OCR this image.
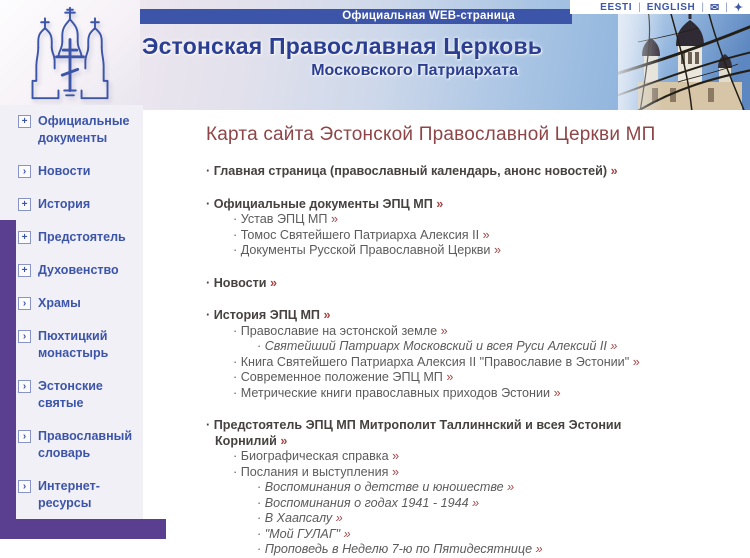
EESTI | ENGLISH | ✉ | ✦
Официальная WEB-страница
Эстонская Православная Церковь
Московского Патриархата
+ Официальные документы
› Новости
+ История
+ Предстоятель
+ Духовенство
› Храмы
› Пюхтицкий монастырь
› Эстонские святые
› Православный словарь
› Интернет-ресурсы
Карта сайта Эстонской Православной Церкви МП
· Главная страница (православный календарь, анонс новостей) »
· Официальные документы ЭПЦ МП »
· Устав ЭПЦ МП »
· Томос Святейшего Патриарха Алексия II »
· Документы Русской Православной Церкви »
· Новости »
· История ЭПЦ МП »
· Православие на эстонской земле »
· Святейший Патриарх Московский и всея Руси Алексий II »
· Книга Святейшего Патриарха Алексия II "Православие в Эстонии" »
· Современное положение ЭПЦ МП »
· Метрические книги православных приходов Эстонии »
· Предстоятель ЭПЦ МП Митрополит Таллиннский и всея Эстонии
Корнилий »
· Биографическая справка »
· Послания и выступления »
· Воспоминания о детстве и юношестве »
· Воспоминания о годах 1941 - 1944 »
· В Хаапсалу »
· "Мой ГУЛАГ" »
· Проповедь в Неделю 7-ю по Пятидесятнице »
